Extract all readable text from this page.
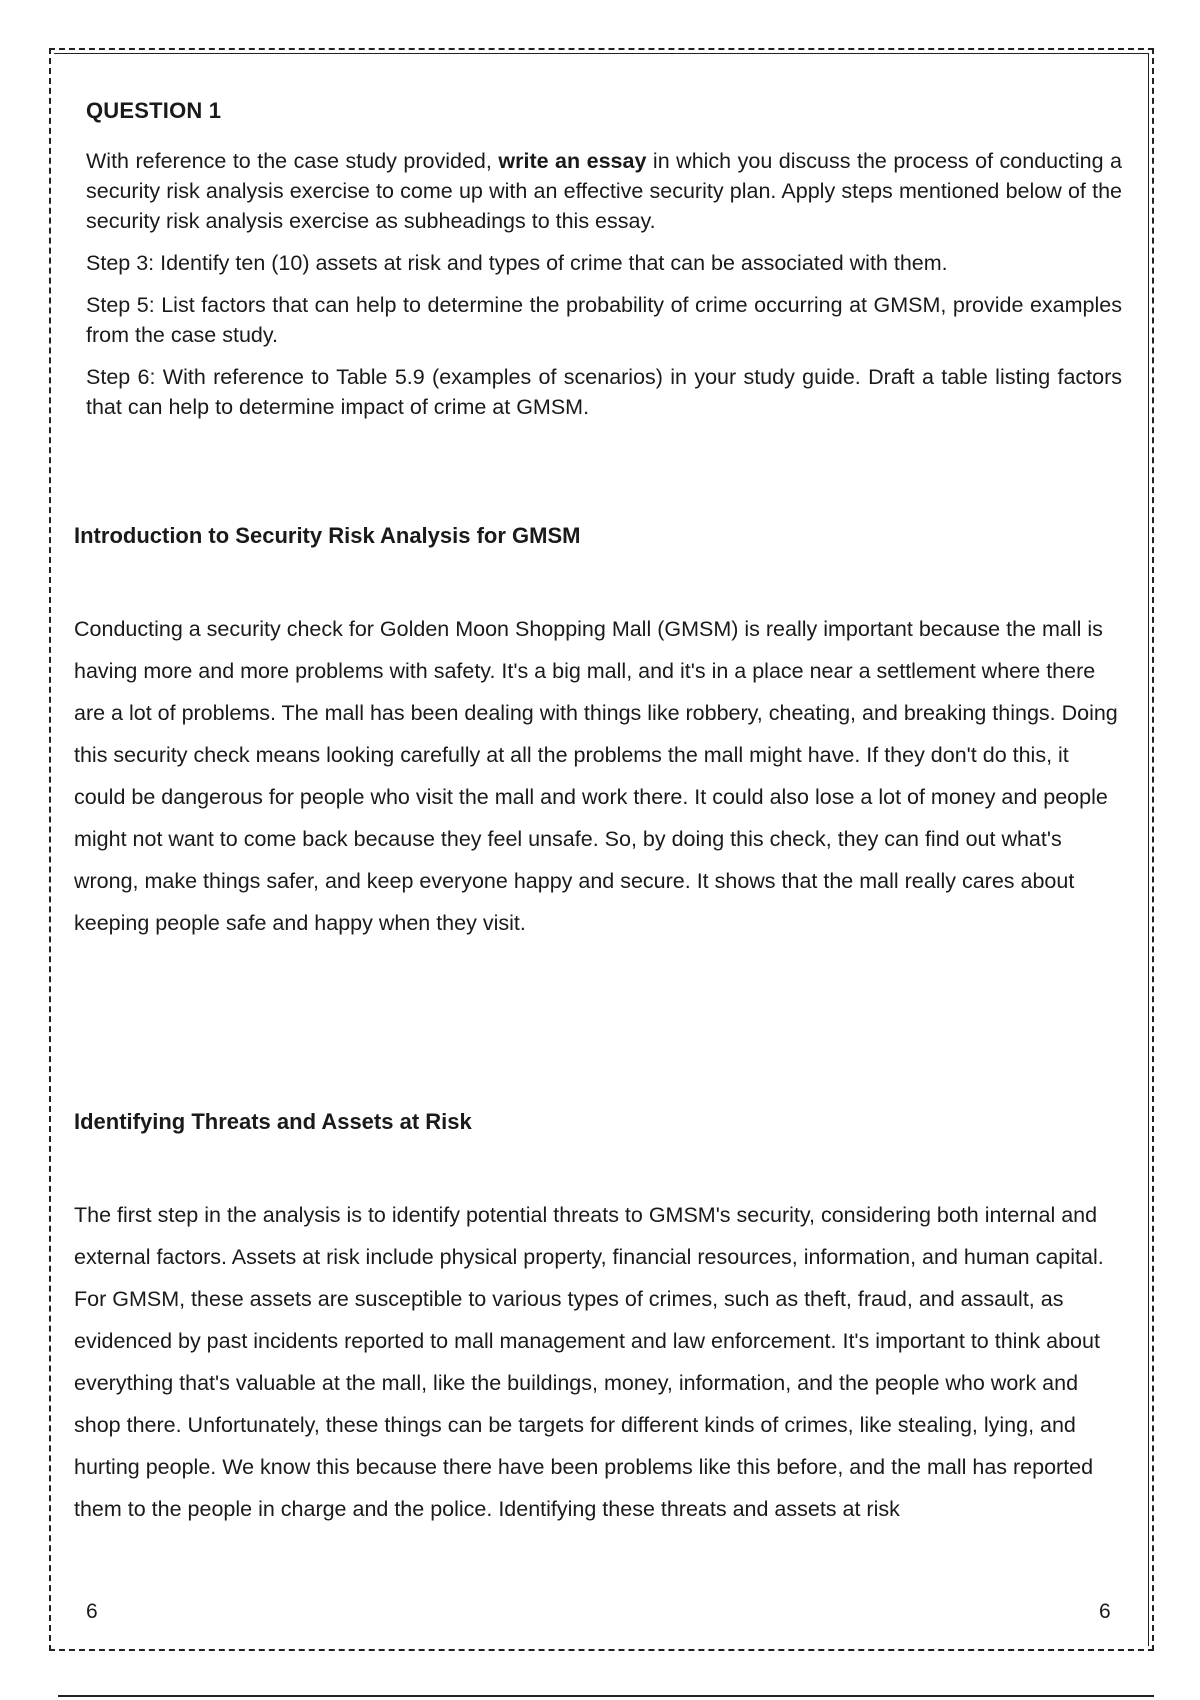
QUESTION 1

With reference to the case study provided, write an essay in which you discuss the process of conducting a security risk analysis exercise to come up with an effective security plan. Apply steps mentioned below of the security risk analysis exercise as subheadings to this essay.

Step 3: Identify ten (10) assets at risk and types of crime that can be associated with them.

Step 5: List factors that can help to determine the probability of crime occurring at GMSM, provide examples from the case study.

Step 6: With reference to Table 5.9 (examples of scenarios) in your study guide. Draft a table listing factors that can help to determine impact of crime at GMSM.

Introduction to Security Risk Analysis for GMSM

Conducting a security check for Golden Moon Shopping Mall (GMSM) is really important because the mall is having more and more problems with safety. It's a big mall, and it's in a place near a settlement where there are a lot of problems. The mall has been dealing with things like robbery, cheating, and breaking things. Doing this security check means looking carefully at all the problems the mall might have. If they don't do this, it could be dangerous for people who visit the mall and work there. It could also lose a lot of money and people might not want to come back because they feel unsafe. So, by doing this check, they can find out what's wrong, make things safer, and keep everyone happy and secure. It shows that the mall really cares about keeping people safe and happy when they visit.

Identifying Threats and Assets at Risk

The first step in the analysis is to identify potential threats to GMSM's security, considering both internal and external factors. Assets at risk include physical property, financial resources, information, and human capital. For GMSM, these assets are susceptible to various types of crimes, such as theft, fraud, and assault, as evidenced by past incidents reported to mall management and law enforcement. It's important to think about everything that's valuable at the mall, like the buildings, money, information, and the people who work and shop there. Unfortunately, these things can be targets for different kinds of crimes, like stealing, lying, and hurting people. We know this because there have been problems like this before, and the mall has reported them to the people in charge and the police. Identifying these threats and assets at risk

6	6
